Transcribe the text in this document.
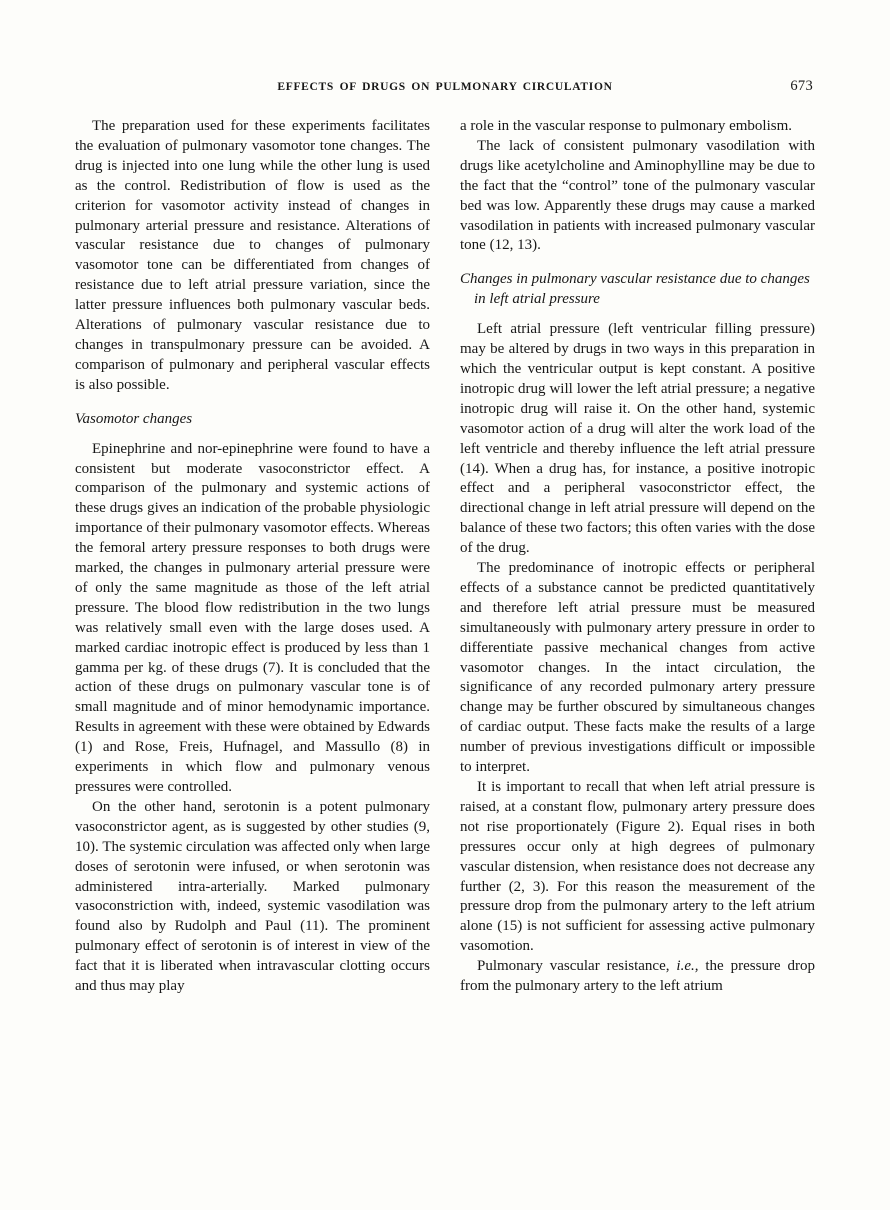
EFFECTS OF DRUGS ON PULMONARY CIRCULATION	673

The preparation used for these experiments facilitates the evaluation of pulmonary vasomotor tone changes. The drug is injected into one lung while the other lung is used as the control. Redistribution of flow is used as the criterion for vasomotor activity instead of changes in pulmonary arterial pressure and resistance. Alterations of vascular resistance due to changes of pulmonary vasomotor tone can be differentiated from changes of resistance due to left atrial pressure variation, since the latter pressure influences both pulmonary vascular beds. Alterations of pulmonary vascular resistance due to changes in transpulmonary pressure can be avoided. A comparison of pulmonary and peripheral vascular effects is also possible.

Vasomotor changes

Epinephrine and nor-epinephrine were found to have a consistent but moderate vasoconstrictor effect. A comparison of the pulmonary and systemic actions of these drugs gives an indication of the probable physiologic importance of their pulmonary vasomotor effects. Whereas the femoral artery pressure responses to both drugs were marked, the changes in pulmonary arterial pressure were of only the same magnitude as those of the left atrial pressure. The blood flow redistribution in the two lungs was relatively small even with the large doses used. A marked cardiac inotropic effect is produced by less than 1 gamma per kg. of these drugs (7). It is concluded that the action of these drugs on pulmonary vascular tone is of small magnitude and of minor hemodynamic importance. Results in agreement with these were obtained by Edwards (1) and Rose, Freis, Hufnagel, and Massullo (8) in experiments in which flow and pulmonary venous pressures were controlled.

On the other hand, serotonin is a potent pulmonary vasoconstrictor agent, as is suggested by other studies (9, 10). The systemic circulation was affected only when large doses of serotonin were infused, or when serotonin was administered intra-arterially. Marked pulmonary vasoconstriction with, indeed, systemic vasodilation was found also by Rudolph and Paul (11). The prominent pulmonary effect of serotonin is of interest in view of the fact that it is liberated when intravascular clotting occurs and thus may play

a role in the vascular response to pulmonary embolism.

The lack of consistent pulmonary vasodilation with drugs like acetylcholine and Aminophylline may be due to the fact that the “control” tone of the pulmonary vascular bed was low. Apparently these drugs may cause a marked vasodilation in patients with increased pulmonary vascular tone (12, 13).

Changes in pulmonary vascular resistance due to changes in left atrial pressure

Left atrial pressure (left ventricular filling pressure) may be altered by drugs in two ways in this preparation in which the ventricular output is kept constant. A positive inotropic drug will lower the left atrial pressure; a negative inotropic drug will raise it. On the other hand, systemic vasomotor action of a drug will alter the work load of the left ventricle and thereby influence the left atrial pressure (14). When a drug has, for instance, a positive inotropic effect and a peripheral vasoconstrictor effect, the directional change in left atrial pressure will depend on the balance of these two factors; this often varies with the dose of the drug.

The predominance of inotropic effects or peripheral effects of a substance cannot be predicted quantitatively and therefore left atrial pressure must be measured simultaneously with pulmonary artery pressure in order to differentiate passive mechanical changes from active vasomotor changes. In the intact circulation, the significance of any recorded pulmonary artery pressure change may be further obscured by simultaneous changes of cardiac output. These facts make the results of a large number of previous investigations difficult or impossible to interpret.

It is important to recall that when left atrial pressure is raised, at a constant flow, pulmonary artery pressure does not rise proportionately (Figure 2). Equal rises in both pressures occur only at high degrees of pulmonary vascular distension, when resistance does not decrease any further (2, 3). For this reason the measurement of the pressure drop from the pulmonary artery to the left atrium alone (15) is not sufficient for assessing active pulmonary vasomotion.

Pulmonary vascular resistance, i.e., the pressure drop from the pulmonary artery to the left atrium
